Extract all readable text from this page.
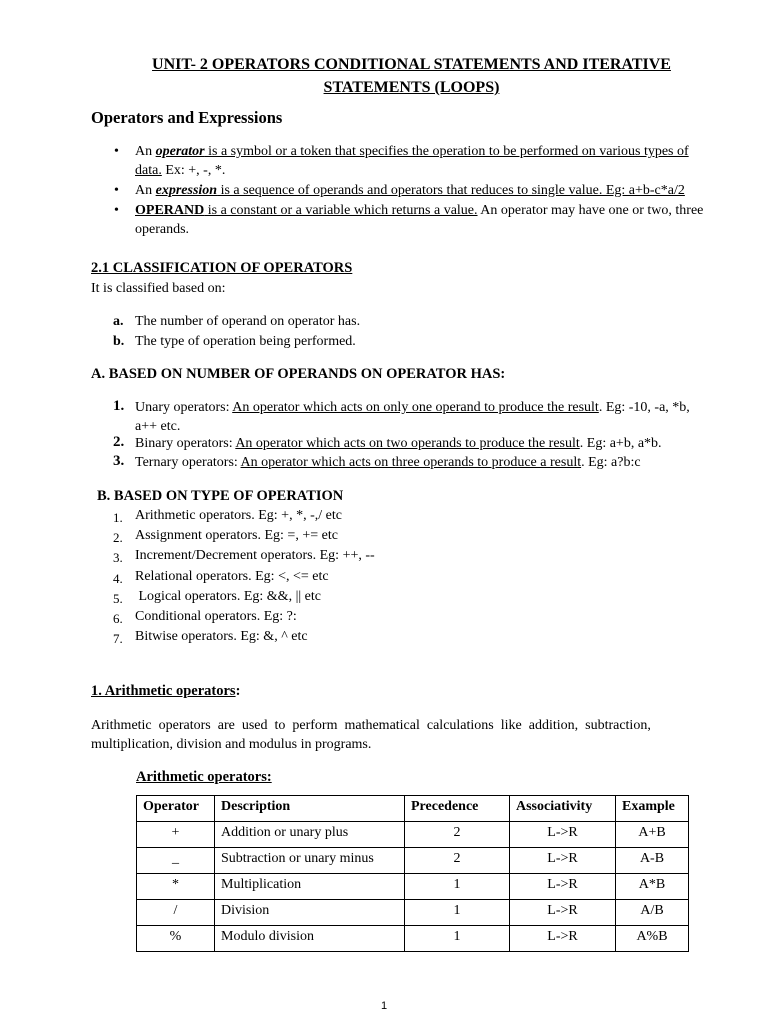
UNIT- 2 OPERATORS CONDITIONAL STATEMENTS AND ITERATIVE
STATEMENTS (LOOPS)
Operators and Expressions
• An operator is a symbol or a token that specifies the operation to be performed on various types of
data. Ex: +, -, *.
• An expression is a sequence of operands and operators that reduces to single value. Eg: a+b-c*a/2
• OPERAND is a constant or a variable which returns a value. An operator may have one or two, three
operands.
2.1 CLASSIFICATION OF OPERATORS
It is classified based on:
a. The number of operand on operator has.
b. The type of operation being performed.
A. BASED ON NUMBER OF OPERANDS ON OPERATOR HAS:
1. Unary operators: An operator which acts on only one operand to produce the result. Eg: -10, -a, *b,
a++ etc.
2. Binary operators: An operator which acts on two operands to produce the result. Eg: a+b, a*b.
3. Ternary operators: An operator which acts on three operands to produce a result. Eg: a?b:c
B. BASED ON TYPE OF OPERATION
1. Arithmetic operators. Eg: +, *, -,/ etc
2. Assignment operators. Eg: =, += etc
3. Increment/Decrement operators. Eg: ++, --
4. Relational operators. Eg: <, <= etc
5. Logical operators. Eg: &&, || etc
6. Conditional operators. Eg: ?:
7. Bitwise operators. Eg: &, ^ etc
1. Arithmetic operators:
Arithmetic  operators  are  used  to  perform  mathematical  calculations  like  addition,  subtraction,
multiplication, division and modulus in programs.
Arithmetic operators:
Operator	Description	Precedence	Associativity	Example
+	Addition or unary plus	2	L->R	A+B
_	Subtraction or unary minus	2	L->R	A-B
*	Multiplication	1	L->R	A*B
/	Division	1	L->R	A/B
%	Modulo division	1	L->R	A%B
1
